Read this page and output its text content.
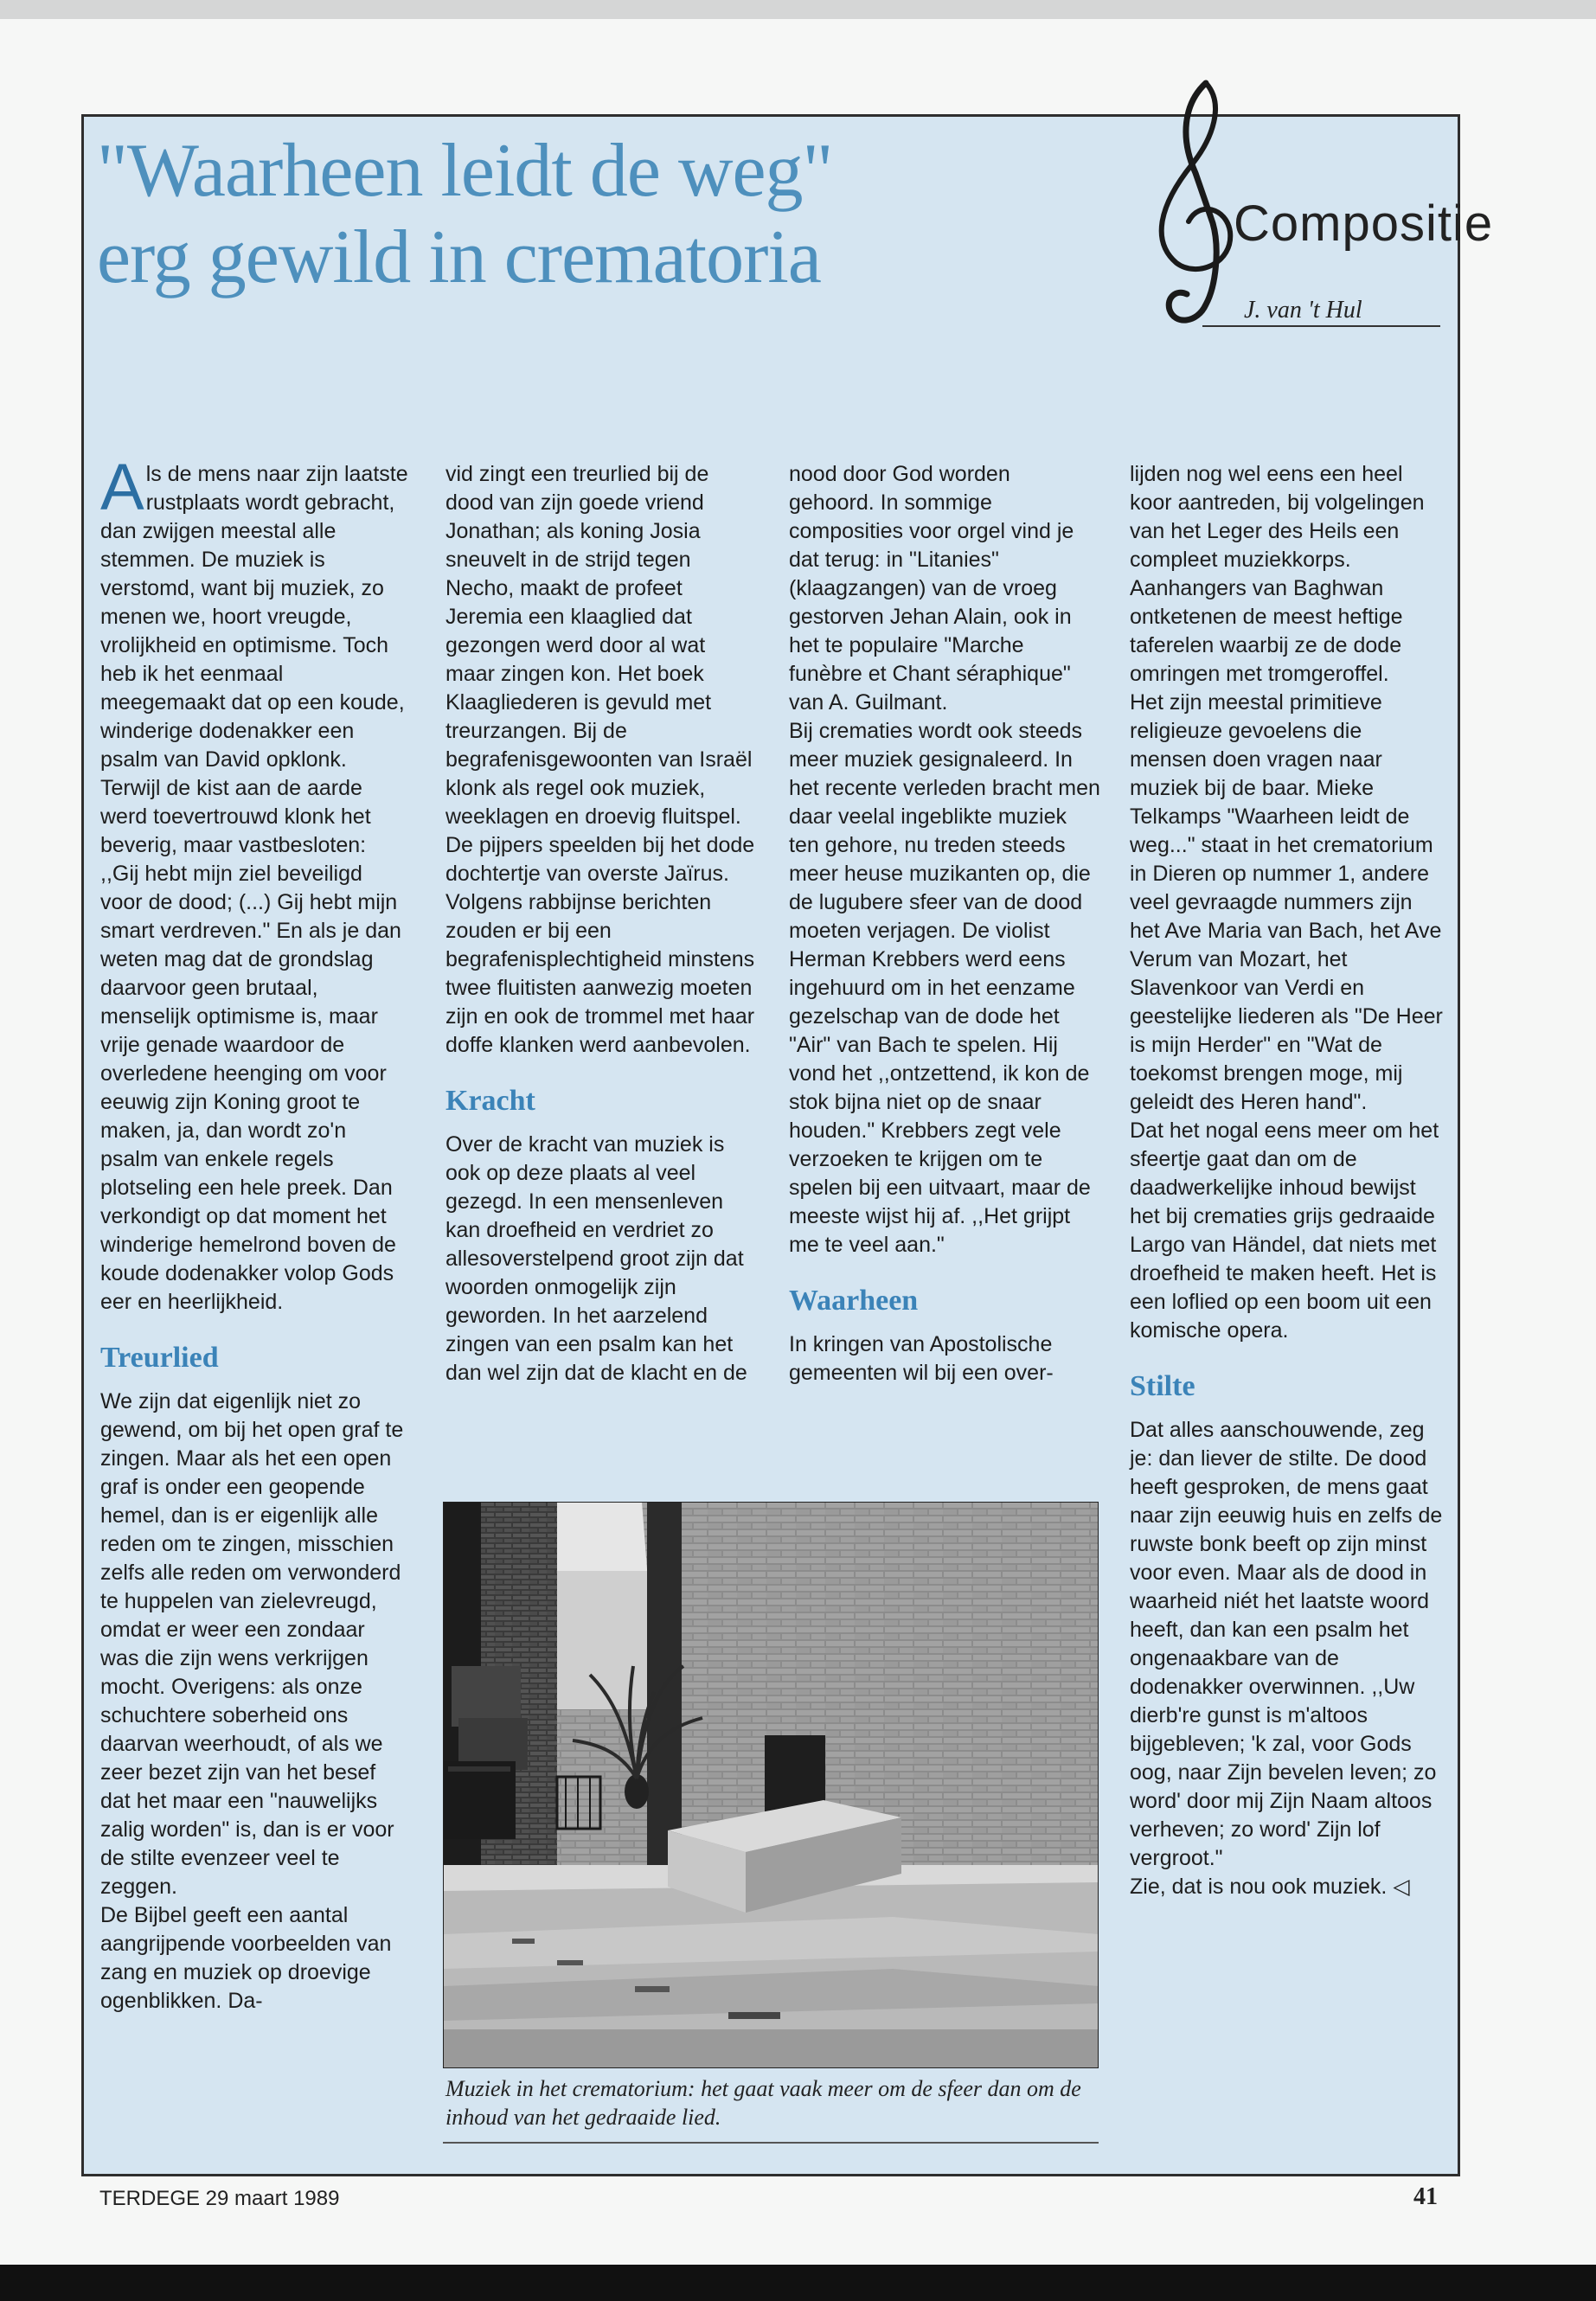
"Waarheen leidt de weg"
erg gewild in crematoria	Compositie
J. van 't Hul

Als de mens naar zijn laatste rustplaats wordt gebracht, dan zwijgen meestal alle stemmen. De muziek is verstomd, want bij muziek, zo menen we, hoort vreugde, vrolijkheid en optimisme. Toch heb ik het eenmaal meegemaakt dat op een koude, winderige dodenakker een psalm van David opklonk. Terwijl de kist aan de aarde werd toevertrouwd klonk het beverig, maar vastbesloten: ,,Gij hebt mijn ziel beveiligd voor de dood; (...) Gij hebt mijn smart verdreven." En als je dan weten mag dat de grondslag daarvoor geen brutaal, menselijk optimisme is, maar vrije genade waardoor de overledene heenging om voor eeuwig zijn Koning groot te maken, ja, dan wordt zo'n psalm van enkele regels plotseling een hele preek. Dan verkondigt op dat moment het winderige hemelrond boven de koude dodenakker volop Gods eer en heerlijkheid.

Treurlied

We zijn dat eigenlijk niet zo gewend, om bij het open graf te zingen. Maar als het een open graf is onder een geopende hemel, dan is er eigenlijk alle reden om te zingen, misschien zelfs alle reden om verwonderd te huppelen van zielevreugd, omdat er weer een zondaar was die zijn wens verkrijgen mocht. Overigens: als onze schuchtere soberheid ons daarvan weerhoudt, of als we zeer bezet zijn van het besef dat het maar een "nauwelijks zalig worden" is, dan is er voor de stilte evenzeer veel te zeggen.

De Bijbel geeft een aantal aangrijpende voorbeelden van zang en muziek op droevige ogenblikken. Da-

vid zingt een treurlied bij de dood van zijn goede vriend Jonathan; als koning Josia sneuvelt in de strijd tegen Necho, maakt de profeet Jeremia een klaaglied dat gezongen werd door al wat maar zingen kon. Het boek Klaagliederen is gevuld met treurzangen. Bij de begrafenisgewoonten van Israël klonk als regel ook muziek, weeklagen en droevig fluitspel. De pijpers speelden bij het dode dochtertje van overste Jaïrus. Volgens rabbijnse berichten zouden er bij een begrafenisplechtigheid minstens twee fluitisten aanwezig moeten zijn en ook de trommel met haar doffe klanken werd aanbevolen.

Kracht

Over de kracht van muziek is ook op deze plaats al veel gezegd. In een mensenleven kan droefheid en verdriet zo allesoverstelpend groot zijn dat woorden onmogelijk zijn geworden. In het aarzelend zingen van een psalm kan het dan wel zijn dat de klacht en de

nood door God worden gehoord. In sommige composities voor orgel vind je dat terug: in "Litanies" (klaagzangen) van de vroeg gestorven Jehan Alain, ook in het te populaire "Marche funèbre et Chant séraphique" van A. Guilmant.

Bij crematies wordt ook steeds meer muziek gesignaleerd. In het recente verleden bracht men daar veelal ingeblikte muziek ten gehore, nu treden steeds meer heuse muzikanten op, die de lugubere sfeer van de dood moeten verjagen. De violist Herman Krebbers werd eens ingehuurd om in het eenzame gezelschap van de dode het "Air" van Bach te spelen. Hij vond het ,,ontzettend, ik kon de stok bijna niet op de snaar houden." Krebbers zegt vele verzoeken te krijgen om te spelen bij een uitvaart, maar de meeste wijst hij af. ,,Het grijpt me te veel aan."

Waarheen

In kringen van Apostolische gemeenten wil bij een over-

lijden nog wel eens een heel koor aantreden, bij volgelingen van het Leger des Heils een compleet muziekkorps. Aanhangers van Baghwan ontketenen de meest heftige taferelen waarbij ze de dode omringen met tromgeroffel.

Het zijn meestal primitieve religieuze gevoelens die mensen doen vragen naar muziek bij de baar. Mieke Telkamps "Waarheen leidt de weg..." staat in het crematorium in Dieren op nummer 1, andere veel gevraagde nummers zijn het Ave Maria van Bach, het Ave Verum van Mozart, het Slavenkoor van Verdi en geestelijke liederen als "De Heer is mijn Herder" en "Wat de toekomst brengen moge, mij geleidt des Heren hand".

Dat het nogal eens meer om het sfeertje gaat dan om de daadwerkelijke inhoud bewijst het bij crematies grijs gedraaide Largo van Händel, dat niets met droefheid te maken heeft. Het is een loflied op een boom uit een komische opera.

Stilte

Dat alles aanschouwende, zeg je: dan liever de stilte. De dood heeft gesproken, de mens gaat naar zijn eeuwig huis en zelfs de ruwste bonk beeft op zijn minst voor even. Maar als de dood in waarheid niét het laatste woord heeft, dan kan een psalm het ongenaakbare van de dodenakker overwinnen. ,,Uw dierb're gunst is m'altoos bijgebleven; 'k zal, voor Gods oog, naar Zijn bevelen leven; zo word' door mij Zijn Naam altoos verheven; zo word' Zijn lof vergroot."

Zie, dat is nou ook muziek. ◁

Muziek in het crematorium: het gaat vaak meer om de sfeer dan om de inhoud van het gedraaide lied.
TERDEGE 29 maart 1989	41
